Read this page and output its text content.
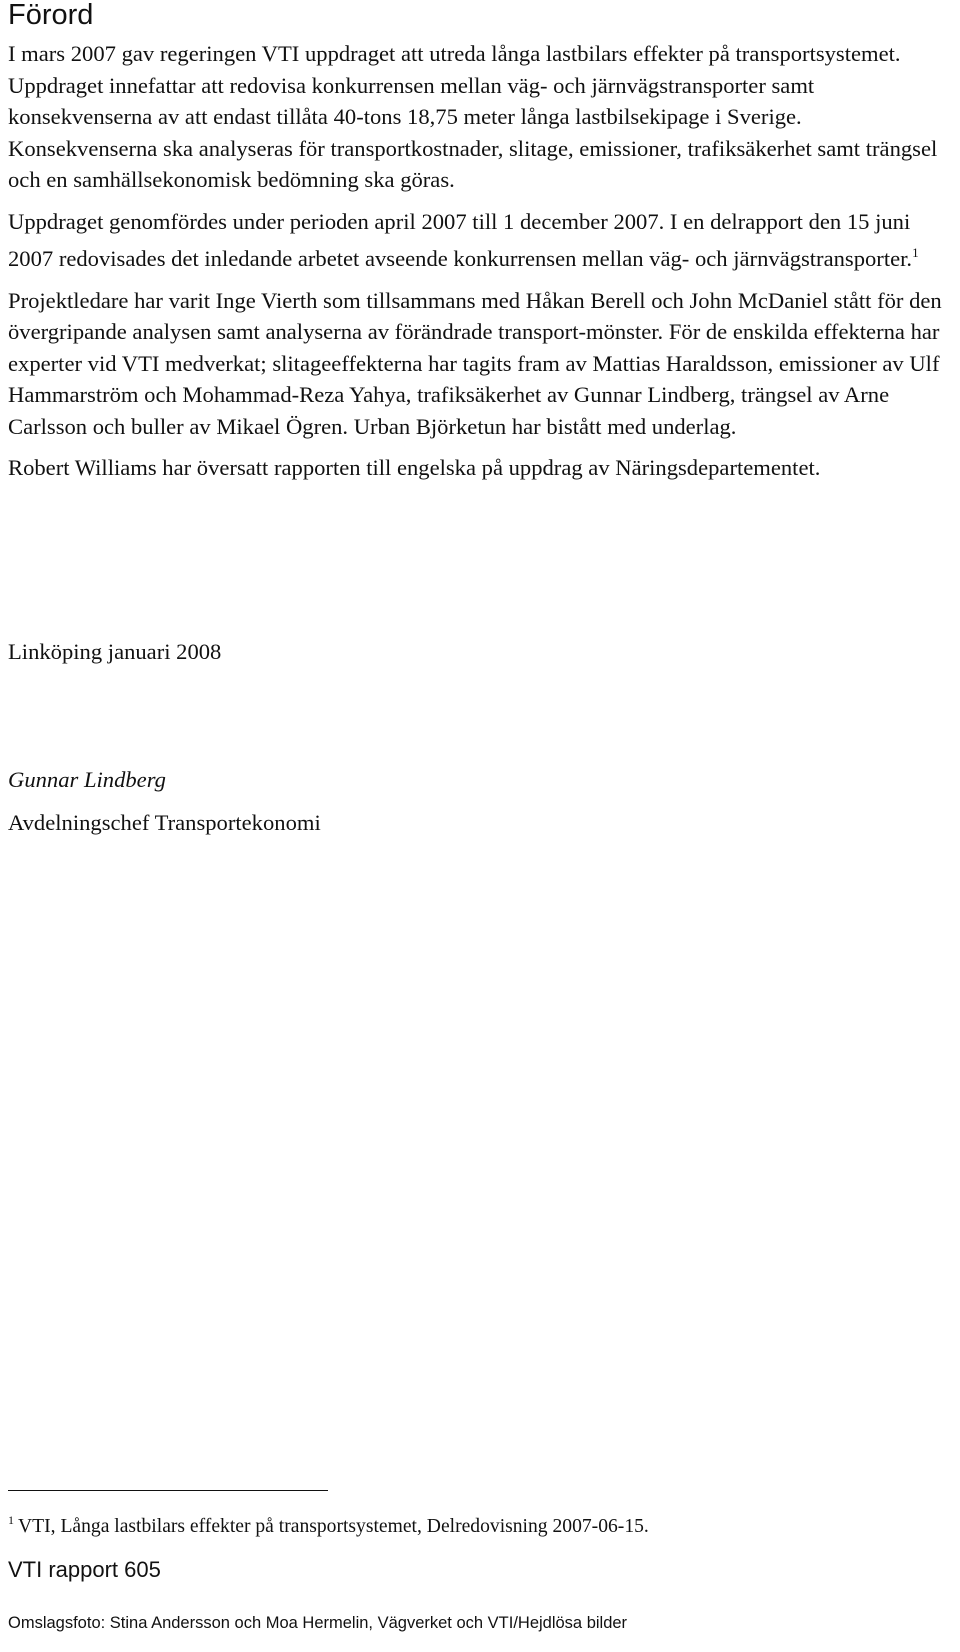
Förord

I mars 2007 gav regeringen VTI uppdraget att utreda långa lastbilars effekter på transportsystemet. Uppdraget innefattar att redovisa konkurrensen mellan väg- och järnvägstransporter samt konsekvenserna av att endast tillåta 40-tons 18,75 meter långa lastbilsekipage i Sverige. Konsekvenserna ska analyseras för transportkostnader, slitage, emissioner, trafiksäkerhet samt trängsel och en samhällsekonomisk bedömning ska göras.

Uppdraget genomfördes under perioden april 2007 till 1 december 2007. I en delrapport den 15 juni 2007 redovisades det inledande arbetet avseende konkurrensen mellan väg- och järnvägstransporter.$^1$

Projektledare har varit Inge Vierth som tillsammans med Håkan Berell och John McDaniel stått för den övergripande analysen samt analyserna av förändrade transport-mönster. För de enskilda effekterna har experter vid VTI medverkat; slitageeffekterna har tagits fram av Mattias Haraldsson, emissioner av Ulf Hammarström och Mohammad-Reza Yahya, trafiksäkerhet av Gunnar Lindberg, trängsel av Arne Carlsson och buller av Mikael Ögren. Urban Björketun har bistått med underlag.

Robert Williams har översatt rapporten till engelska på uppdrag av Näringsdepartementet.

Linköping januari 2008

Gunnar Lindberg

Avdelningschef Transportekonomi

$^1$ VTI, Långa lastbilars effekter på transportsystemet, Delredovisning 2007-06-15.

VTI rapport 605

Omslagsfoto: Stina Andersson och Moa Hermelin, Vägverket och VTI/Hejdlösa bilder
